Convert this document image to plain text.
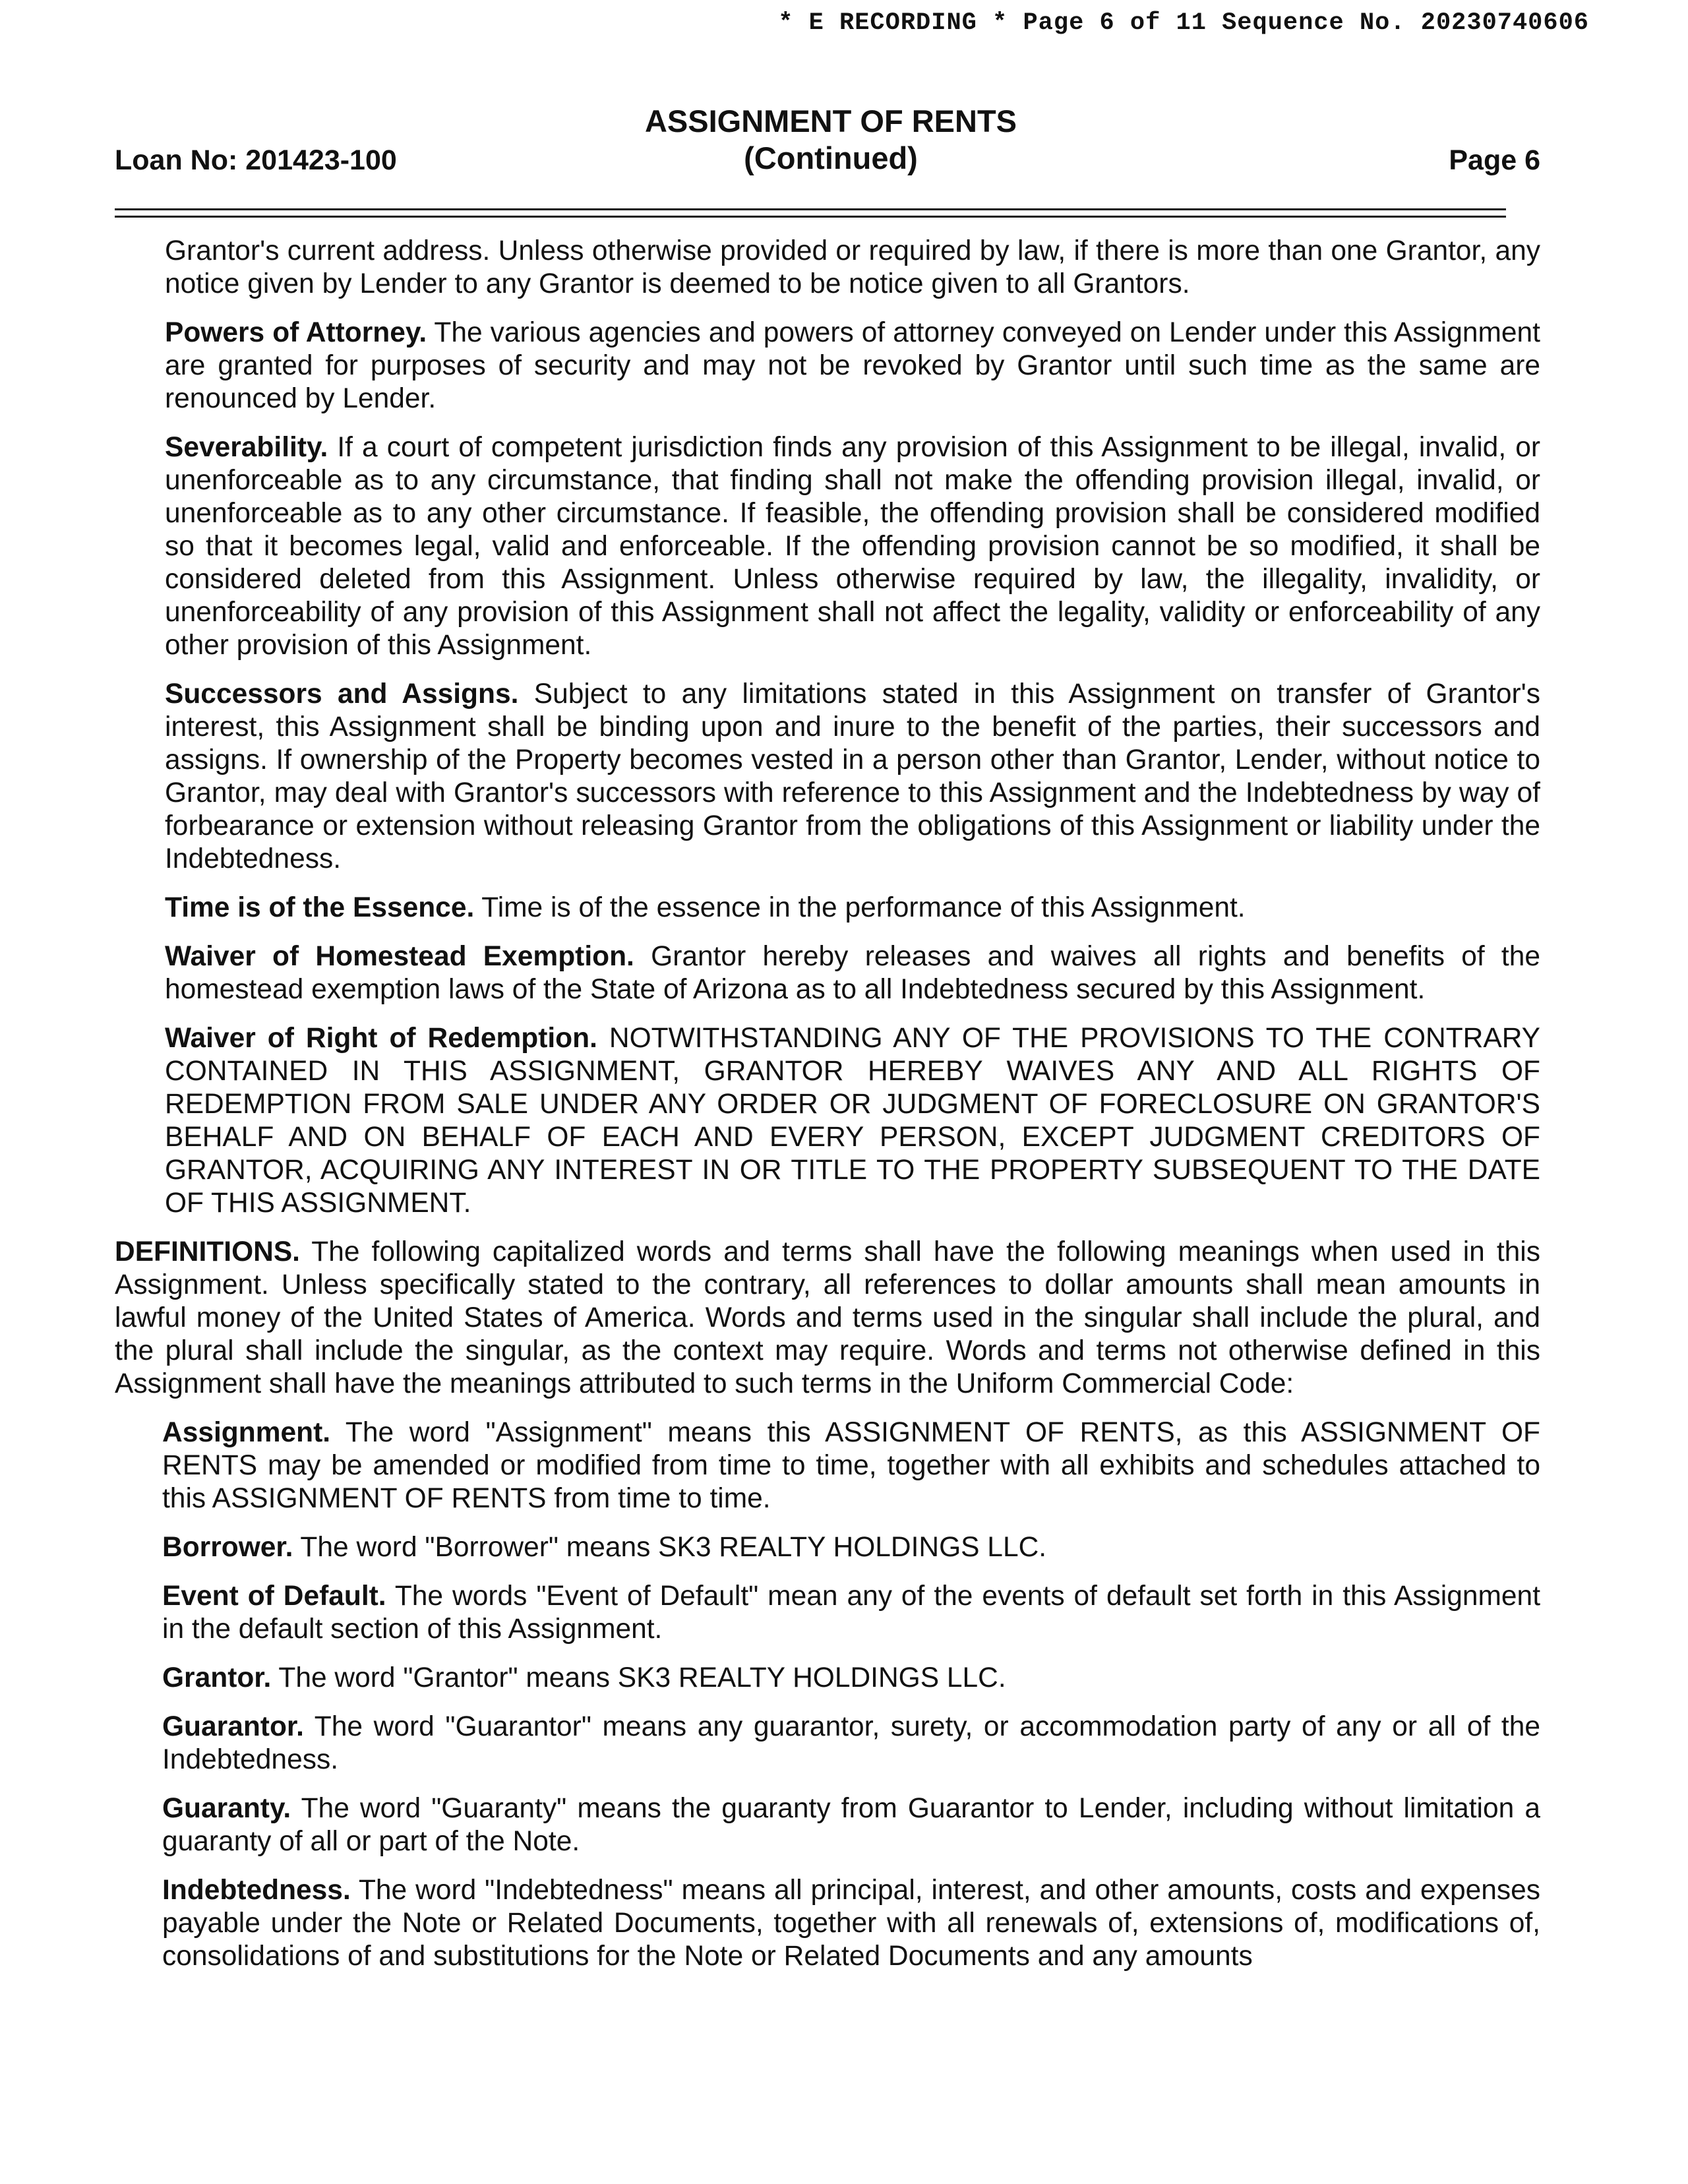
* E RECORDING * Page 6 of 11 Sequence No. 20230740606
ASSIGNMENT OF RENTS
(Continued)
Loan No: 201423-100	Page 6

Grantor's current address. Unless otherwise provided or required by law, if there is more than one Grantor, any notice given by Lender to any Grantor is deemed to be notice given to all Grantors.

Powers of Attorney. The various agencies and powers of attorney conveyed on Lender under this Assignment are granted for purposes of security and may not be revoked by Grantor until such time as the same are renounced by Lender.

Severability. If a court of competent jurisdiction finds any provision of this Assignment to be illegal, invalid, or unenforceable as to any circumstance, that finding shall not make the offending provision illegal, invalid, or unenforceable as to any other circumstance. If feasible, the offending provision shall be considered modified so that it becomes legal, valid and enforceable. If the offending provision cannot be so modified, it shall be considered deleted from this Assignment. Unless otherwise required by law, the illegality, invalidity, or unenforceability of any provision of this Assignment shall not affect the legality, validity or enforceability of any other provision of this Assignment.

Successors and Assigns. Subject to any limitations stated in this Assignment on transfer of Grantor's interest, this Assignment shall be binding upon and inure to the benefit of the parties, their successors and assigns. If ownership of the Property becomes vested in a person other than Grantor, Lender, without notice to Grantor, may deal with Grantor's successors with reference to this Assignment and the Indebtedness by way of forbearance or extension without releasing Grantor from the obligations of this Assignment or liability under the Indebtedness.

Time is of the Essence. Time is of the essence in the performance of this Assignment.

Waiver of Homestead Exemption. Grantor hereby releases and waives all rights and benefits of the homestead exemption laws of the State of Arizona as to all Indebtedness secured by this Assignment.

Waiver of Right of Redemption. NOTWITHSTANDING ANY OF THE PROVISIONS TO THE CONTRARY CONTAINED IN THIS ASSIGNMENT, GRANTOR HEREBY WAIVES ANY AND ALL RIGHTS OF REDEMPTION FROM SALE UNDER ANY ORDER OR JUDGMENT OF FORECLOSURE ON GRANTOR'S BEHALF AND ON BEHALF OF EACH AND EVERY PERSON, EXCEPT JUDGMENT CREDITORS OF GRANTOR, ACQUIRING ANY INTEREST IN OR TITLE TO THE PROPERTY SUBSEQUENT TO THE DATE OF THIS ASSIGNMENT.

DEFINITIONS. The following capitalized words and terms shall have the following meanings when used in this Assignment. Unless specifically stated to the contrary, all references to dollar amounts shall mean amounts in lawful money of the United States of America. Words and terms used in the singular shall include the plural, and the plural shall include the singular, as the context may require. Words and terms not otherwise defined in this Assignment shall have the meanings attributed to such terms in the Uniform Commercial Code:

Assignment. The word "Assignment" means this ASSIGNMENT OF RENTS, as this ASSIGNMENT OF RENTS may be amended or modified from time to time, together with all exhibits and schedules attached to this ASSIGNMENT OF RENTS from time to time.

Borrower. The word "Borrower" means SK3 REALTY HOLDINGS LLC.

Event of Default. The words "Event of Default" mean any of the events of default set forth in this Assignment in the default section of this Assignment.

Grantor. The word "Grantor" means SK3 REALTY HOLDINGS LLC.

Guarantor. The word "Guarantor" means any guarantor, surety, or accommodation party of any or all of the Indebtedness.

Guaranty. The word "Guaranty" means the guaranty from Guarantor to Lender, including without limitation a guaranty of all or part of the Note.

Indebtedness. The word "Indebtedness" means all principal, interest, and other amounts, costs and expenses payable under the Note or Related Documents, together with all renewals of, extensions of, modifications of, consolidations of and substitutions for the Note or Related Documents and any amounts
